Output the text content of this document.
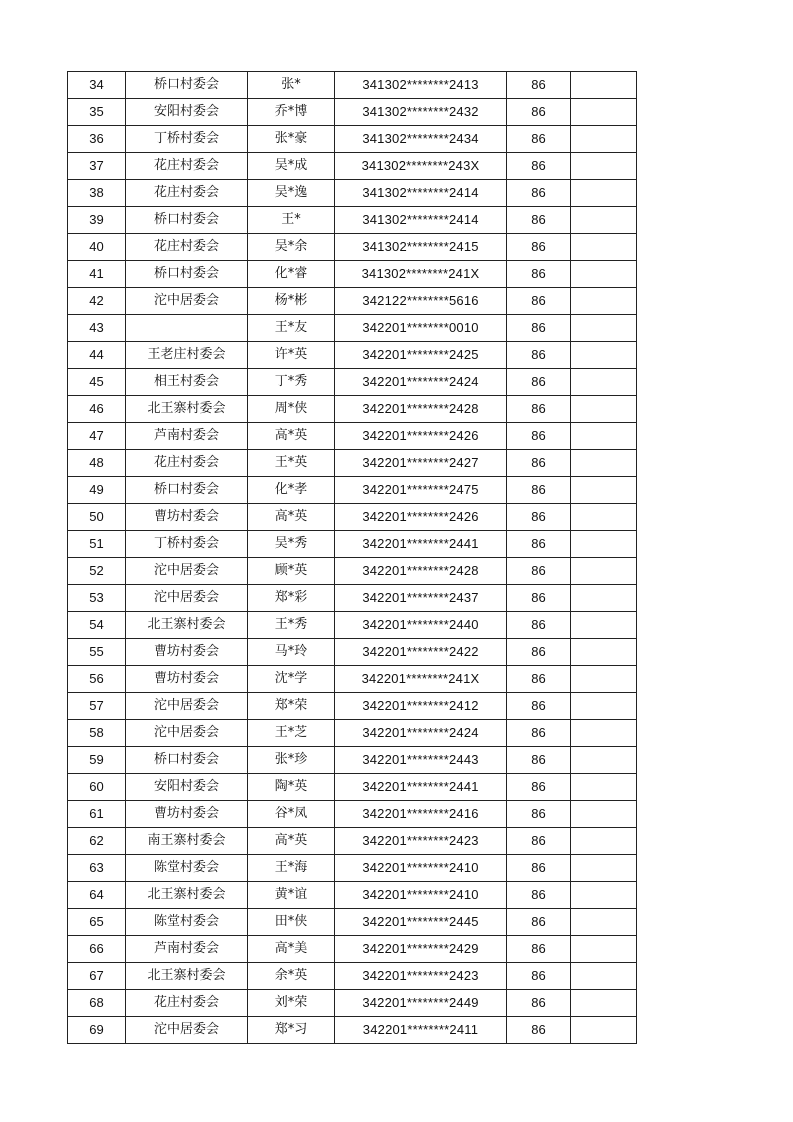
34	桥口村委会	张*	341302********2413	86	
35	安阳村委会	乔*博	341302********2432	86	
36	丁桥村委会	张*豪	341302********2434	86	
37	花庄村委会	吴*成	341302********243X	86	
38	花庄村委会	吴*逸	341302********2414	86	
39	桥口村委会	王*	341302********2414	86	
40	花庄村委会	吴*余	341302********2415	86	
41	桥口村委会	化*睿	341302********241X	86	
42	沱中居委会	杨*彬	342122********5616	86	
43		王*友	342201********0010	86	
44	王老庄村委会	许*英	342201********2425	86	
45	相王村委会	丁*秀	342201********2424	86	
46	北王寨村委会	周*侠	342201********2428	86	
47	芦南村委会	高*英	342201********2426	86	
48	花庄村委会	王*英	342201********2427	86	
49	桥口村委会	化*孝	342201********2475	86	
50	曹坊村委会	高*英	342201********2426	86	
51	丁桥村委会	吴*秀	342201********2441	86	
52	沱中居委会	顾*英	342201********2428	86	
53	沱中居委会	郑*彩	342201********2437	86	
54	北王寨村委会	王*秀	342201********2440	86	
55	曹坊村委会	马*玲	342201********2422	86	
56	曹坊村委会	沈*学	342201********241X	86	
57	沱中居委会	郑*荣	342201********2412	86	
58	沱中居委会	王*芝	342201********2424	86	
59	桥口村委会	张*珍	342201********2443	86	
60	安阳村委会	陶*英	342201********2441	86	
61	曹坊村委会	谷*凤	342201********2416	86	
62	南王寨村委会	高*英	342201********2423	86	
63	陈堂村委会	王*海	342201********2410	86	
64	北王寨村委会	黄*谊	342201********2410	86	
65	陈堂村委会	田*侠	342201********2445	86	
66	芦南村委会	高*美	342201********2429	86	
67	北王寨村委会	余*英	342201********2423	86	
68	花庄村委会	刘*荣	342201********2449	86	
69	沱中居委会	郑*习	342201********2411	86	
